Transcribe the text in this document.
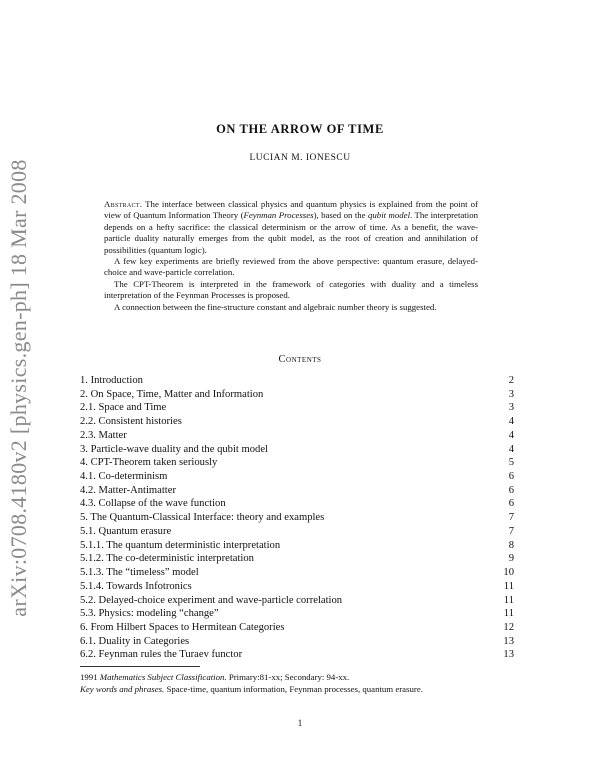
arXiv:0708.4180v2 [physics.gen-ph] 18 Mar 2008
ON THE ARROW OF TIME
LUCIAN M. IONESCU

Abstract. The interface between classical physics and quantum physics is explained from the point of view of Quantum Information Theory (Feynman Processes), based on the qubit model. The interpretation depends on a hefty sacrifice: the classical determinism or the arrow of time. As a benefit, the wave-particle duality naturally emerges from the qubit model, as the root of creation and annihilation of possibilities (quantum logic).

A few key experiments are briefly reviewed from the above perspective: quantum erasure, delayed-choice and wave-particle correlation.

The CPT-Theorem is interpreted in the framework of categories with duality and a timeless interpretation of the Feynman Processes is proposed.

A connection between the fine-structure constant and algebraic number theory is suggested.

Contents
1. Introduction	2
2. On Space, Time, Matter and Information	3
2.1. Space and Time	3
2.2. Consistent histories	4
2.3. Matter	4
3. Particle-wave duality and the qubit model	4
4. CPT-Theorem taken seriously	5
4.1. Co-determinism	6
4.2. Matter-Antimatter	6
4.3. Collapse of the wave function	6
5. The Quantum-Classical Interface: theory and examples	7
5.1. Quantum erasure	7
5.1.1. The quantum deterministic interpretation	8
5.1.2. The co-deterministic interpretation	9
5.1.3. The “timeless” model	10
5.1.4. Towards Infotronics	11
5.2. Delayed-choice experiment and wave-particle correlation	11
5.3. Physics: modeling “change”	11
6. From Hilbert Spaces to Hermitean Categories	12
6.1. Duality in Categories	13
6.2. Feynman rules the Turaev functor	13
1991 Mathematics Subject Classification. Primary:81-xx; Secondary: 94-xx.
Key words and phrases. Space-time, quantum information, Feynman processes, quantum erasure.
1
